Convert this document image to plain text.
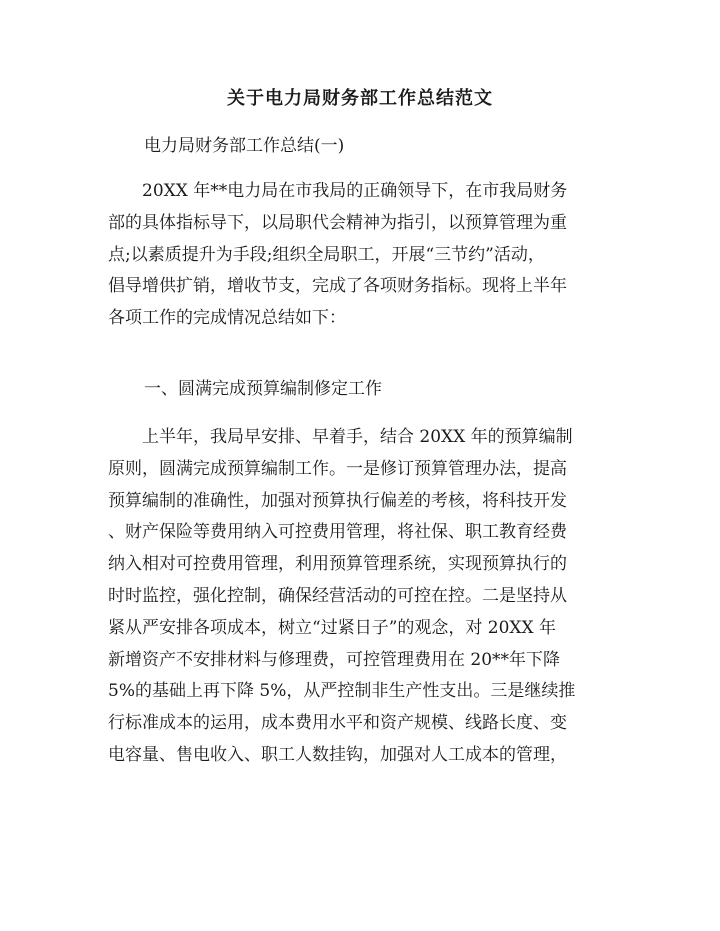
关于电力局财务部工作总结范文
电力局财务部工作总结(一)

　　20XX 年**电力局在市我局的正确领导下，在市我局财务
部的具体指标导下，以局职代会精神为指引，以预算管理为重
点;以素质提升为手段;组织全局职工，开展“三节约”活动，
倡导增供扩销，增收节支，完成了各项财务指标。现将上半年
各项工作的完成情况总结如下：

一、圆满完成预算编制修定工作

　　上半年，我局早安排、早着手，结合 20XX 年的预算编制
原则，圆满完成预算编制工作。一是修订预算管理办法，提高
预算编制的准确性，加强对预算执行偏差的考核，将科技开发
、财产保险等费用纳入可控费用管理，将社保、职工教育经费
纳入相对可控费用管理，利用预算管理系统，实现预算执行的
时时监控，强化控制，确保经营活动的可控在控。二是坚持从
紧从严安排各项成本，树立“过紧日子”的观念，对 20XX 年
新增资产不安排材料与修理费，可控管理费用在 20**年下降
5%的基础上再下降 5%，从严控制非生产性支出。三是继续推
行标准成本的运用，成本费用水平和资产规模、线路长度、变
电容量、售电收入、职工人数挂钩，加强对人工成本的管理，
